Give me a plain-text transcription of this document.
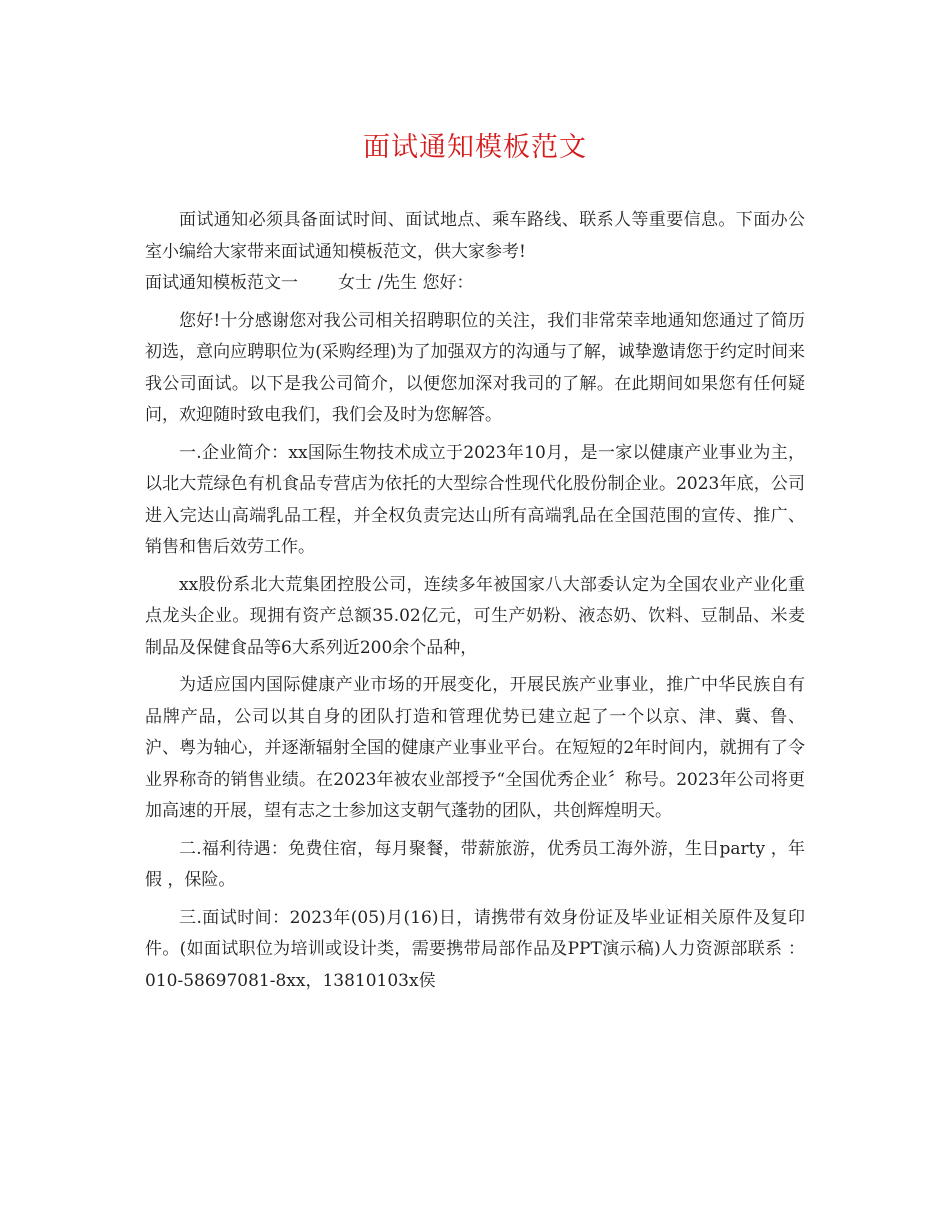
面试通知模板范文

面试通知必须具备面试时间、面试地点、乘车路线、联系人等重要信息。下面办公室小编给大家带来面试通知模板范文，供大家参考!

面试通知模板范文一 女士 /先生 您好：

您好!十分感谢您对我公司相关招聘职位的关注，我们非常荣幸地通知您通过了简历初选，意向应聘职位为(采购经理)为了加强双方的沟通与了解，诚挚邀请您于约定时间来我公司面试。以下是我公司简介，以便您加深对我司的了解。在此期间如果您有任何疑问，欢迎随时致电我们，我们会及时为您解答。

一.企业简介：xx国际生物技术成立于2023年10月，是一家以健康产业事业为主，以北大荒绿色有机食品专营店为依托的大型综合性现代化股份制企业。2023年底，公司进入完达山高端乳品工程，并全权负责完达山所有高端乳品在全国范围的宣传、推广、销售和售后效劳工作。

xx股份系北大荒集团控股公司，连续多年被国家八大部委认定为全国农业产业化重点龙头企业。现拥有资产总额35.02亿元，可生产奶粉、液态奶、饮料、豆制品、米麦制品及保健食品等6大系列近200余个品种，

为适应国内国际健康产业市场的开展变化，开展民族产业事业，推广中华民族自有品牌产品，公司以其自身的团队打造和管理优势已建立起了一个以京、津、冀、鲁、沪、粤为轴心，并逐渐辐射全国的健康产业事业平台。在短短的2年时间内，就拥有了令业界称奇的销售业绩。在2023年被农业部授予“全国优秀企业〞称号。2023年公司将更加高速的开展，望有志之士参加这支朝气蓬勃的团队，共创辉煌明天。

二.福利待遇：免费住宿，每月聚餐，带薪旅游，优秀员工海外游，生日party ，年假 ，保险。

三.面试时间：2023年(05)月(16)日，请携带有效身份证及毕业证相关原件及复印件。(如面试职位为培训或设计类，需要携带局部作品及PPT演示稿)人力资源部联系 ：010-58697081-8xx，13810103x侯
